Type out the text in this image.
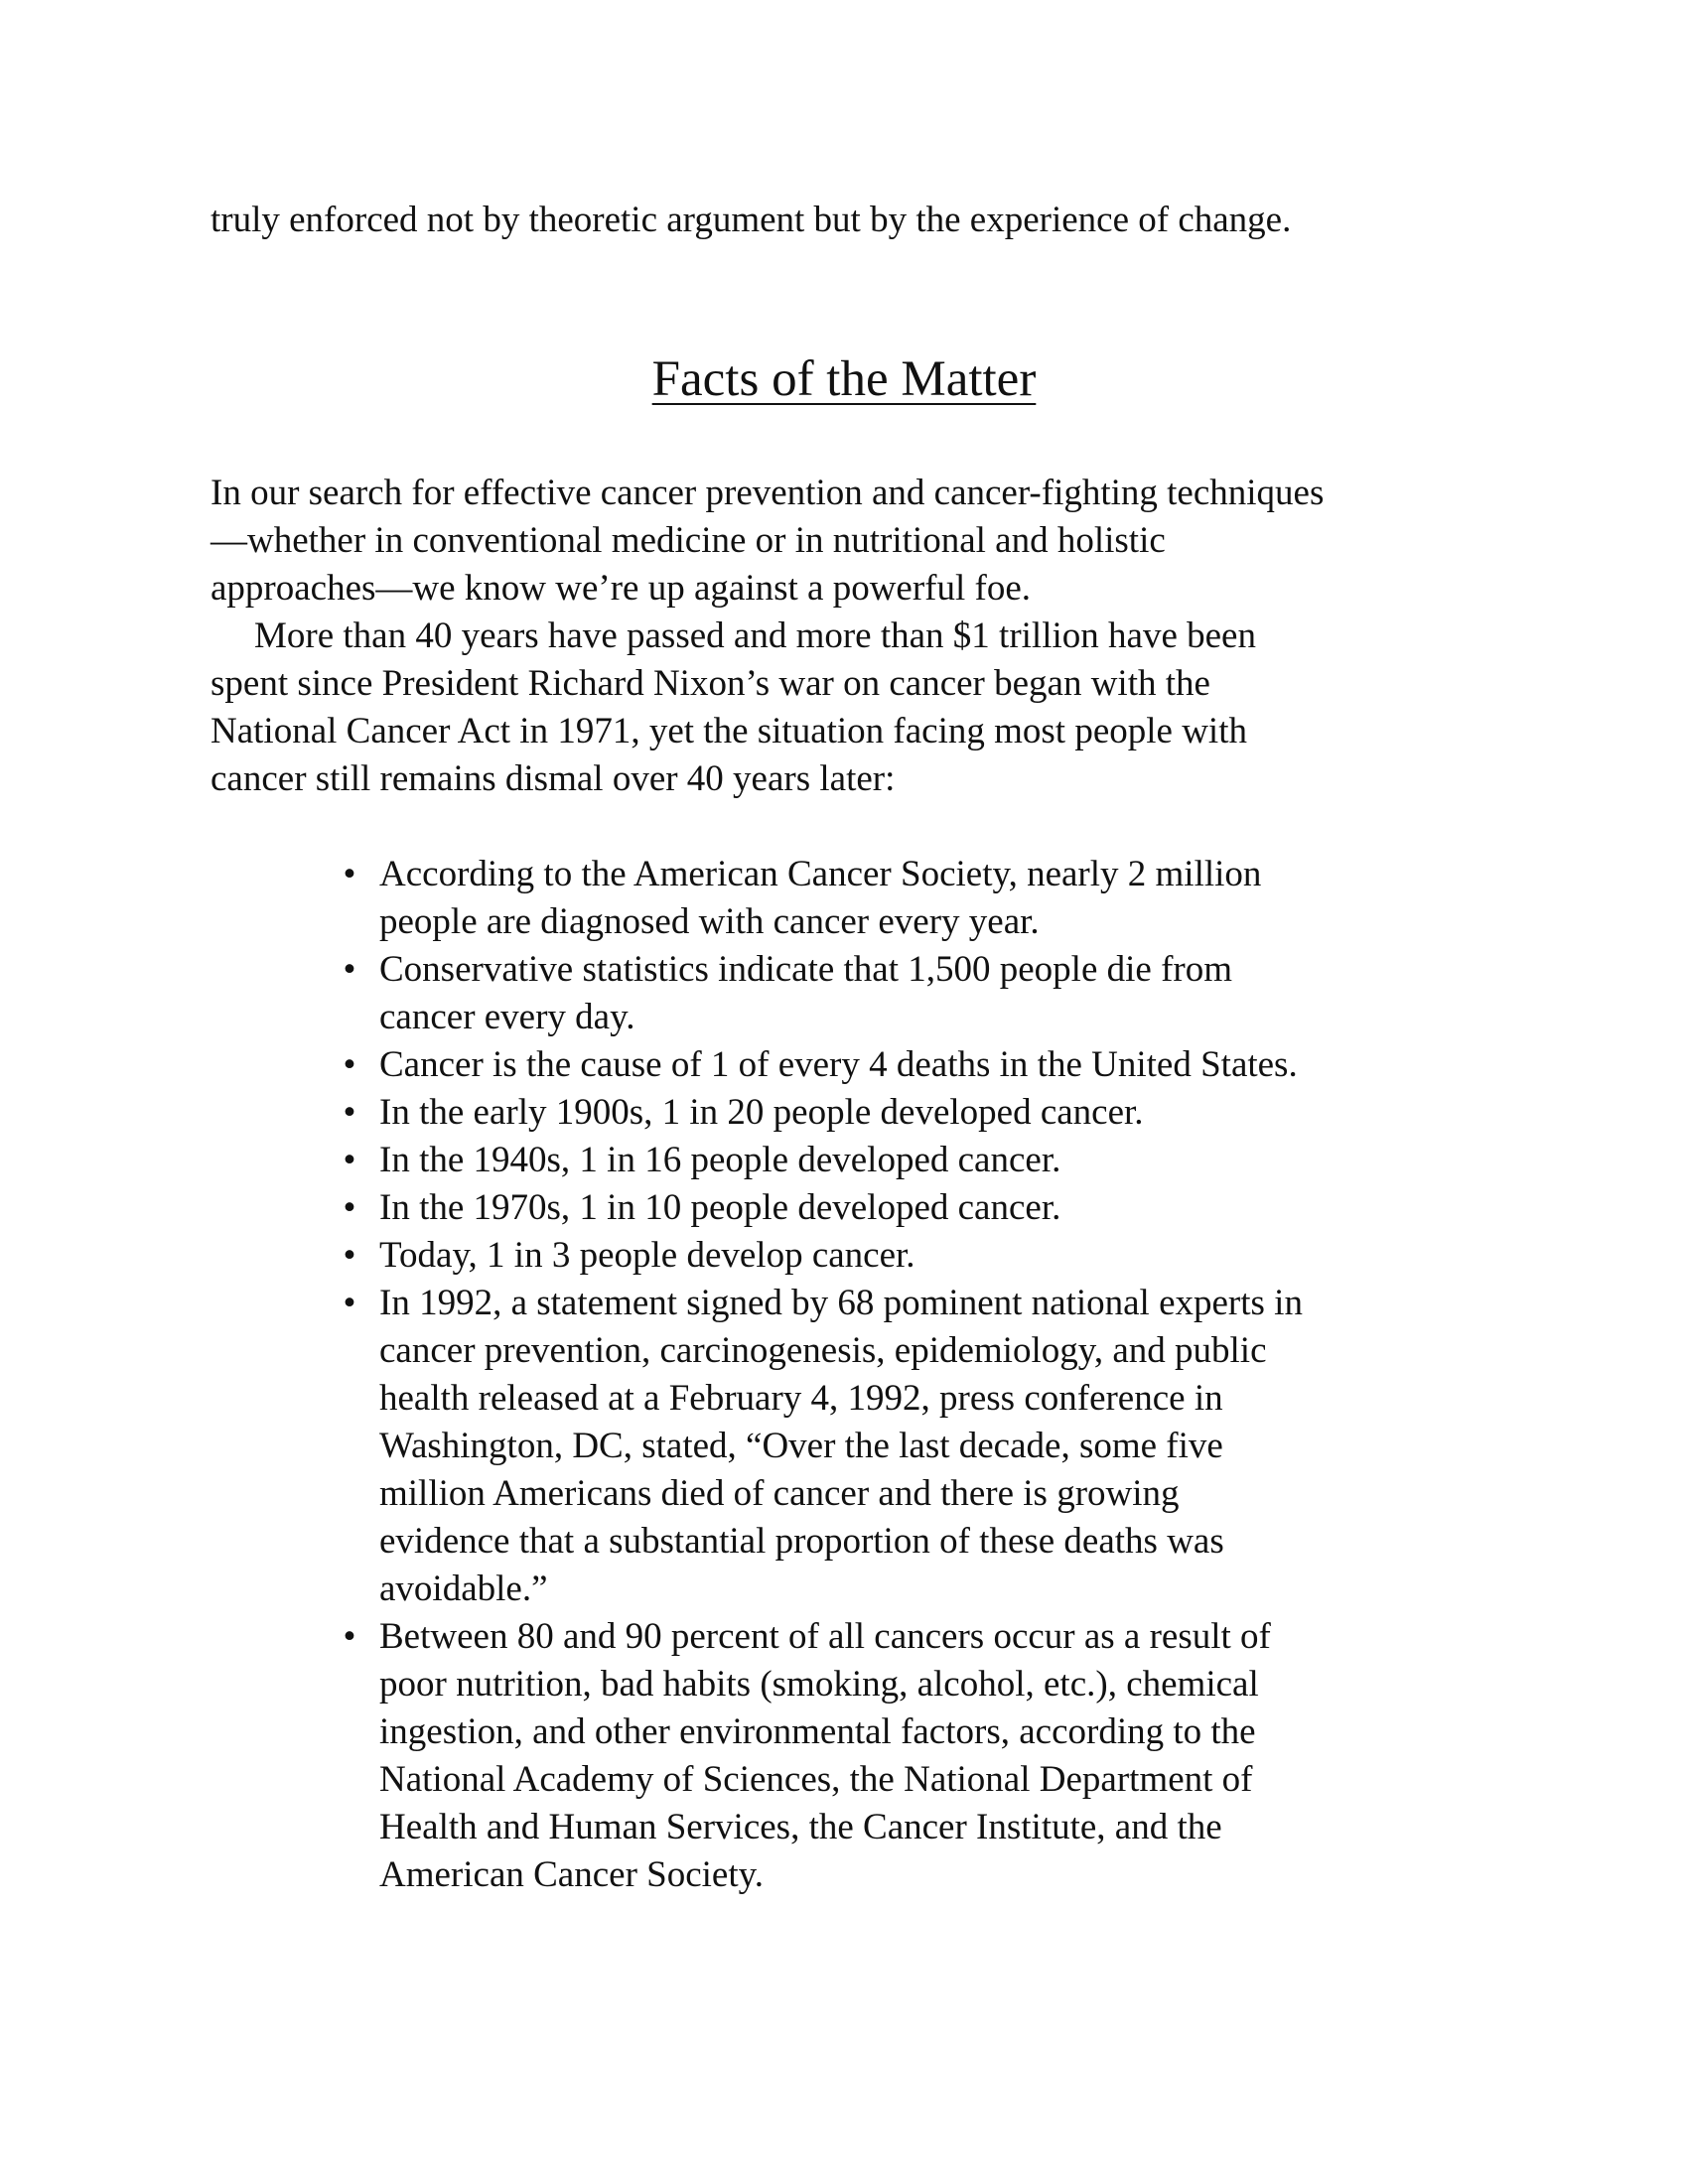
truly enforced not by theoretic argument but by the experience of change.
Facts of the Matter

In our search for effective cancer prevention and cancer-fighting techniques
—whether in conventional medicine or in nutritional and holistic
approaches—we know we’re up against a powerful foe.

More than 40 years have passed and more than $1 trillion have been
spent since President Richard Nixon’s war on cancer began with the
National Cancer Act in 1971, yet the situation facing most people with
cancer still remains dismal over 40 years later:

• According to the American Cancer Society, nearly 2 million
people are diagnosed with cancer every year.
• Conservative statistics indicate that 1,500 people die from
cancer every day.
• Cancer is the cause of 1 of every 4 deaths in the United States.
• In the early 1900s, 1 in 20 people developed cancer.
• In the 1940s, 1 in 16 people developed cancer.
• In the 1970s, 1 in 10 people developed cancer.
• Today, 1 in 3 people develop cancer.
• In 1992, a statement signed by 68 pominent national experts in
cancer prevention, carcinogenesis, epidemiology, and public
health released at a February 4, 1992, press conference in
Washington, DC, stated, “Over the last decade, some five
million Americans died of cancer and there is growing
evidence that a substantial proportion of these deaths was
avoidable.”
• Between 80 and 90 percent of all cancers occur as a result of
poor nutrition, bad habits (smoking, alcohol, etc.), chemical
ingestion, and other environmental factors, according to the
National Academy of Sciences, the National Department of
Health and Human Services, the Cancer Institute, and the
American Cancer Society.
